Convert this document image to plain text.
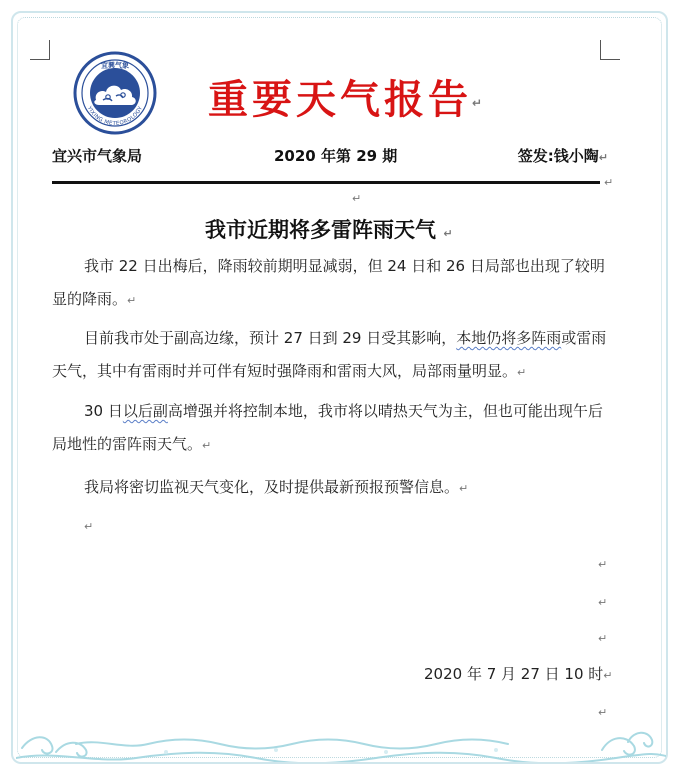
宜興气象
YIXING METEOROLOGY 重要天气报告↵
宜兴市气象局	2020 年第 29 期	签发:钱小陶↵
↵
↵
我市近期将多雷阵雨天气 ↵
我市 22 日出梅后，降雨较前期明显减弱，但 24 日和 26 日局部也出现了较明显的降雨。↵
目前我市处于副高边缘，预计 27 日到 29 日受其影响，本地仍将多阵雨或雷雨天气，其中有雷雨时并可伴有短时强降雨和雷雨大风，局部雨量明显。↵
30 日以后副高增强并将控制本地，我市将以晴热天气为主，但也可能出现午后局地性的雷阵雨天气。↵
我局将密切监视天气变化，及时提供最新预报预警信息。↵
↵
↵
↵
↵
2020 年 7 月 27 日 10 时↵
↵
